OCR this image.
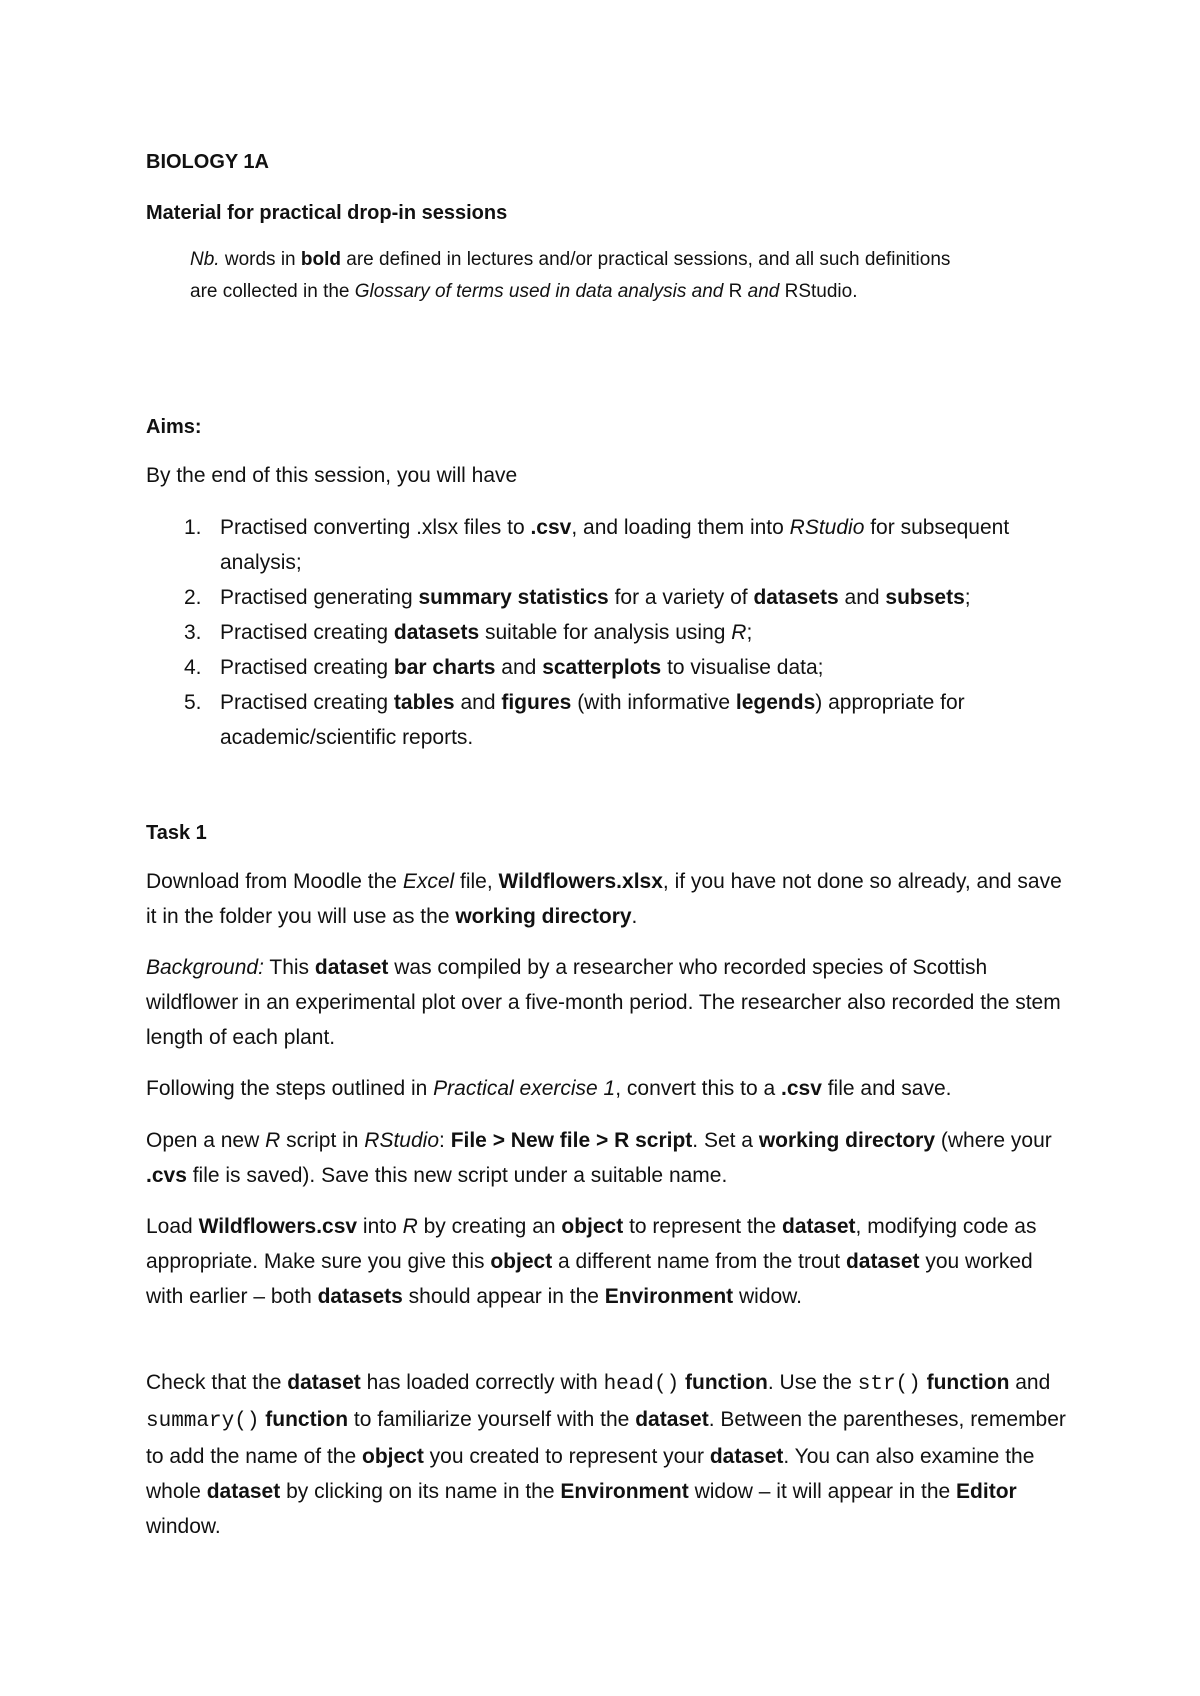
BIOLOGY 1A
Material for practical drop-in sessions
Nb. words in bold are defined in lectures and/or practical sessions, and all such definitions are collected in the Glossary of terms used in data analysis and R and RStudio.
Aims:
By the end of this session, you will have
1. Practised converting .xlsx files to .csv, and loading them into RStudio for subsequent analysis;
2. Practised generating summary statistics for a variety of datasets and subsets;
3. Practised creating datasets suitable for analysis using R;
4. Practised creating bar charts and scatterplots to visualise data;
5. Practised creating tables and figures (with informative legends) appropriate for academic/scientific reports.
Task 1
Download from Moodle the Excel file, Wildflowers.xlsx, if you have not done so already, and save it in the folder you will use as the working directory.
Background: This dataset was compiled by a researcher who recorded species of Scottish wildflower in an experimental plot over a five-month period. The researcher also recorded the stem length of each plant.
Following the steps outlined in Practical exercise 1, convert this to a .csv file and save.
Open a new R script in RStudio: File > New file > R script. Set a working directory (where your .cvs file is saved). Save this new script under a suitable name.
Load Wildflowers.csv into R by creating an object to represent the dataset, modifying code as appropriate. Make sure you give this object a different name from the trout dataset you worked with earlier – both datasets should appear in the Environment widow.
Check that the dataset has loaded correctly with head() function. Use the str() function and summary() function to familiarize yourself with the dataset. Between the parentheses, remember to add the name of the object you created to represent your dataset. You can also examine the whole dataset by clicking on its name in the Environment widow – it will appear in the Editor window.
